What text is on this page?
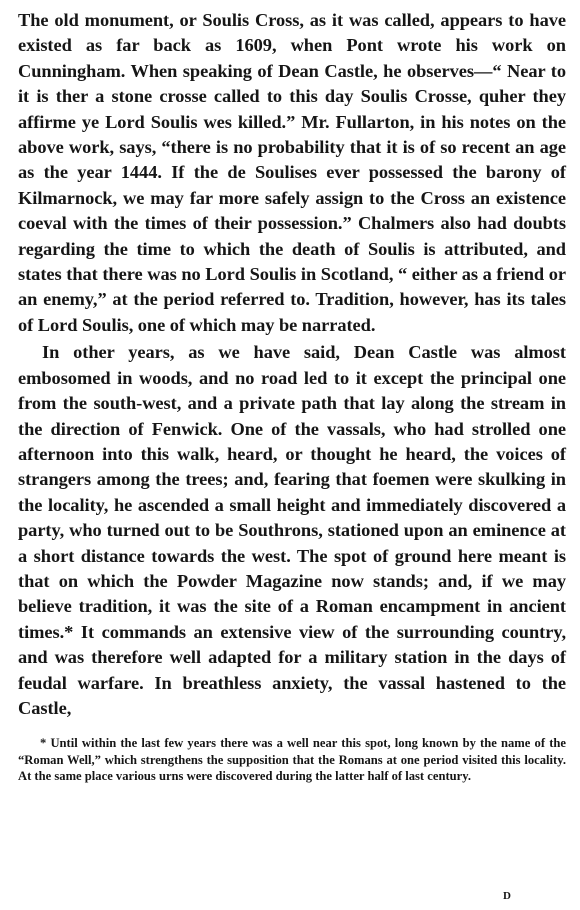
The old monument, or Soulis Cross, as it was called, appears to have existed as far back as 1609, when Pont wrote his work on Cunningham. When speaking of Dean Castle, he observes—“ Near to it is ther a stone crosse called to this day Soulis Crosse, quher they affirme ye Lord Soulis wes killed.” Mr. Fullarton, in his notes on the above work, says, “there is no probability that it is of so recent an age as the year 1444. If the de Soulises ever possessed the barony of Kilmarnock, we may far more safely assign to the Cross an existence coeval with the times of their possession.” Chalmers also had doubts regarding the time to which the death of Soulis is attributed, and states that there was no Lord Soulis in Scotland, “ either as a friend or an enemy,” at the period referred to. Tradition, however, has its tales of Lord Soulis, one of which may be narrated.

In other years, as we have said, Dean Castle was almost embosomed in woods, and no road led to it except the principal one from the south-west, and a private path that lay along the stream in the direction of Fenwick. One of the vassals, who had strolled one afternoon into this walk, heard, or thought he heard, the voices of strangers among the trees; and, fearing that foemen were skulking in the locality, he ascended a small height and immediately discovered a party, who turned out to be Southrons, stationed upon an eminence at a short distance towards the west. The spot of ground here meant is that on which the Powder Magazine now stands; and, if we may believe tradition, it was the site of a Roman encampment in ancient times.* It commands an extensive view of the surrounding country, and was therefore well adapted for a military station in the days of feudal warfare. In breathless anxiety, the vassal hastened to the Castle,

* Until within the last few years there was a well near this spot, long known by the name of the “Roman Well,” which strengthens the supposition that the Romans at one period visited this locality. At the same place various urns were discovered during the latter half of last century.

D
